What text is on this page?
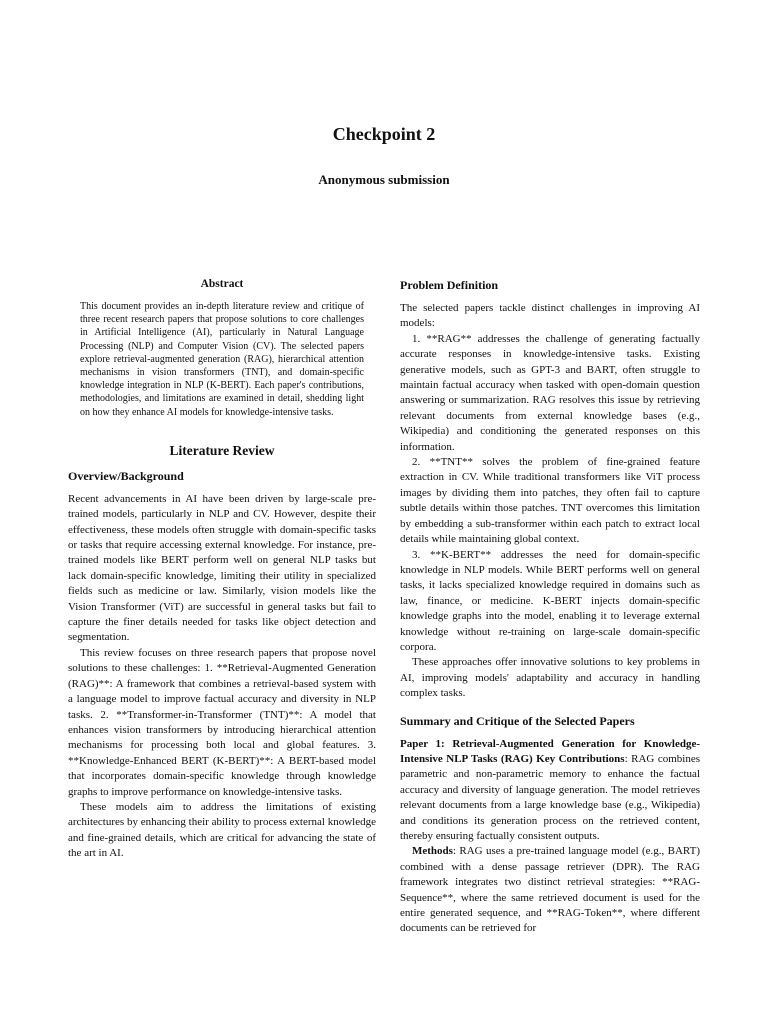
Checkpoint 2
Anonymous submission
Abstract

This document provides an in-depth literature review and critique of three recent research papers that propose solutions to core challenges in Artificial Intelligence (AI), particularly in Natural Language Processing (NLP) and Computer Vision (CV). The selected papers explore retrieval-augmented generation (RAG), hierarchical attention mechanisms in vision transformers (TNT), and domain-specific knowledge integration in NLP (K-BERT). Each paper's contributions, methodologies, and limitations are examined in detail, shedding light on how they enhance AI models for knowledge-intensive tasks.

Literature Review
Overview/Background

Recent advancements in AI have been driven by large-scale pre-trained models, particularly in NLP and CV. However, despite their effectiveness, these models often struggle with domain-specific tasks or tasks that require accessing external knowledge. For instance, pre-trained models like BERT perform well on general NLP tasks but lack domain-specific knowledge, limiting their utility in specialized fields such as medicine or law. Similarly, vision models like the Vision Transformer (ViT) are successful in general tasks but fail to capture the finer details needed for tasks like object detection and segmentation.

This review focuses on three research papers that propose novel solutions to these challenges: 1. **Retrieval-Augmented Generation (RAG)**: A framework that combines a retrieval-based system with a language model to improve factual accuracy and diversity in NLP tasks. 2. **Transformer-in-Transformer (TNT)**: A model that enhances vision transformers by introducing hierarchical attention mechanisms for processing both local and global features. 3. **Knowledge-Enhanced BERT (K-BERT)**: A BERT-based model that incorporates domain-specific knowledge through knowledge graphs to improve performance on knowledge-intensive tasks.

These models aim to address the limitations of existing architectures by enhancing their ability to process external knowledge and fine-grained details, which are critical for advancing the state of the art in AI.

Problem Definition

The selected papers tackle distinct challenges in improving AI models:

1. **RAG** addresses the challenge of generating factually accurate responses in knowledge-intensive tasks. Existing generative models, such as GPT-3 and BART, often struggle to maintain factual accuracy when tasked with open-domain question answering or summarization. RAG resolves this issue by retrieving relevant documents from external knowledge bases (e.g., Wikipedia) and conditioning the generated responses on this information.

2. **TNT** solves the problem of fine-grained feature extraction in CV. While traditional transformers like ViT process images by dividing them into patches, they often fail to capture subtle details within those patches. TNT overcomes this limitation by embedding a sub-transformer within each patch to extract local details while maintaining global context.

3. **K-BERT** addresses the need for domain-specific knowledge in NLP models. While BERT performs well on general tasks, it lacks specialized knowledge required in domains such as law, finance, or medicine. K-BERT injects domain-specific knowledge graphs into the model, enabling it to leverage external knowledge without re-training on large-scale domain-specific corpora.

These approaches offer innovative solutions to key problems in AI, improving models' adaptability and accuracy in handling complex tasks.

Summary and Critique of the Selected Papers

Paper 1: Retrieval-Augmented Generation for Knowledge-Intensive NLP Tasks (RAG) Key Contributions: RAG combines parametric and non-parametric memory to enhance the factual accuracy and diversity of language generation. The model retrieves relevant documents from a large knowledge base (e.g., Wikipedia) and conditions its generation process on the retrieved content, thereby ensuring factually consistent outputs.

Methods: RAG uses a pre-trained language model (e.g., BART) combined with a dense passage retriever (DPR). The RAG framework integrates two distinct retrieval strategies: **RAG-Sequence**, where the same retrieved document is used for the entire generated sequence, and **RAG-Token**, where different documents can be retrieved for
